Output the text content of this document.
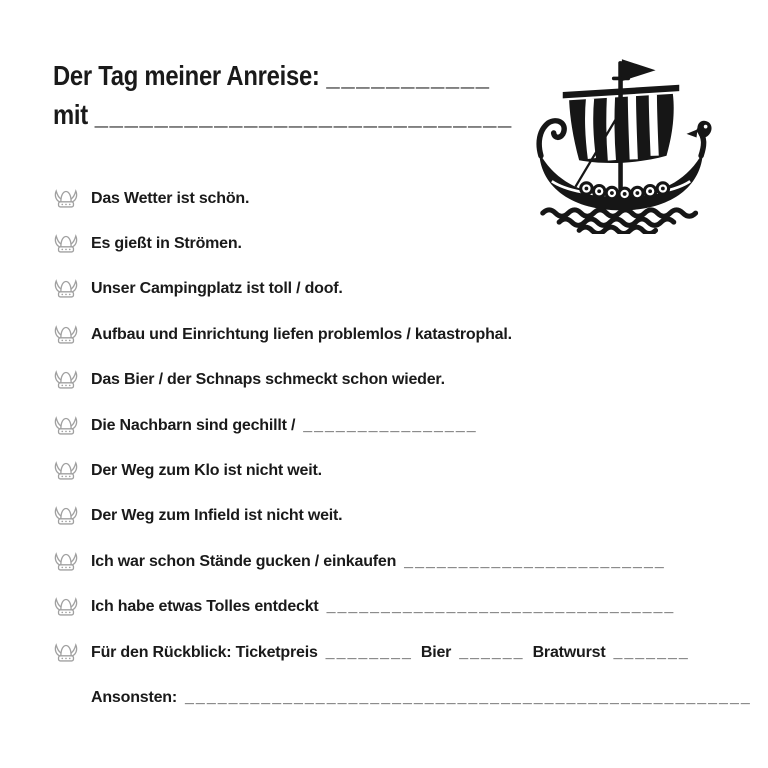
Der Tag meiner Anreise: ___________
mit ____________________________
Das Wetter ist schön.
Es gießt in Strömen.
Unser Campingplatz ist toll / doof.
Aufbau und Einrichtung liefen problemlos / katastrophal.
Das Bier / der Schnaps schmeckt schon wieder.
Die Nachbarn sind gechillt / ________________
Der Weg zum Klo ist nicht weit.
Der Weg zum Infield ist nicht weit.
Ich war schon Stände gucken / einkaufen ________________________
Ich habe etwas Tolles entdeckt ________________________________
Für den Rückblick: Ticketpreis ________ Bier ______ Bratwurst _______
Ansonsten: ____________________________________________________
